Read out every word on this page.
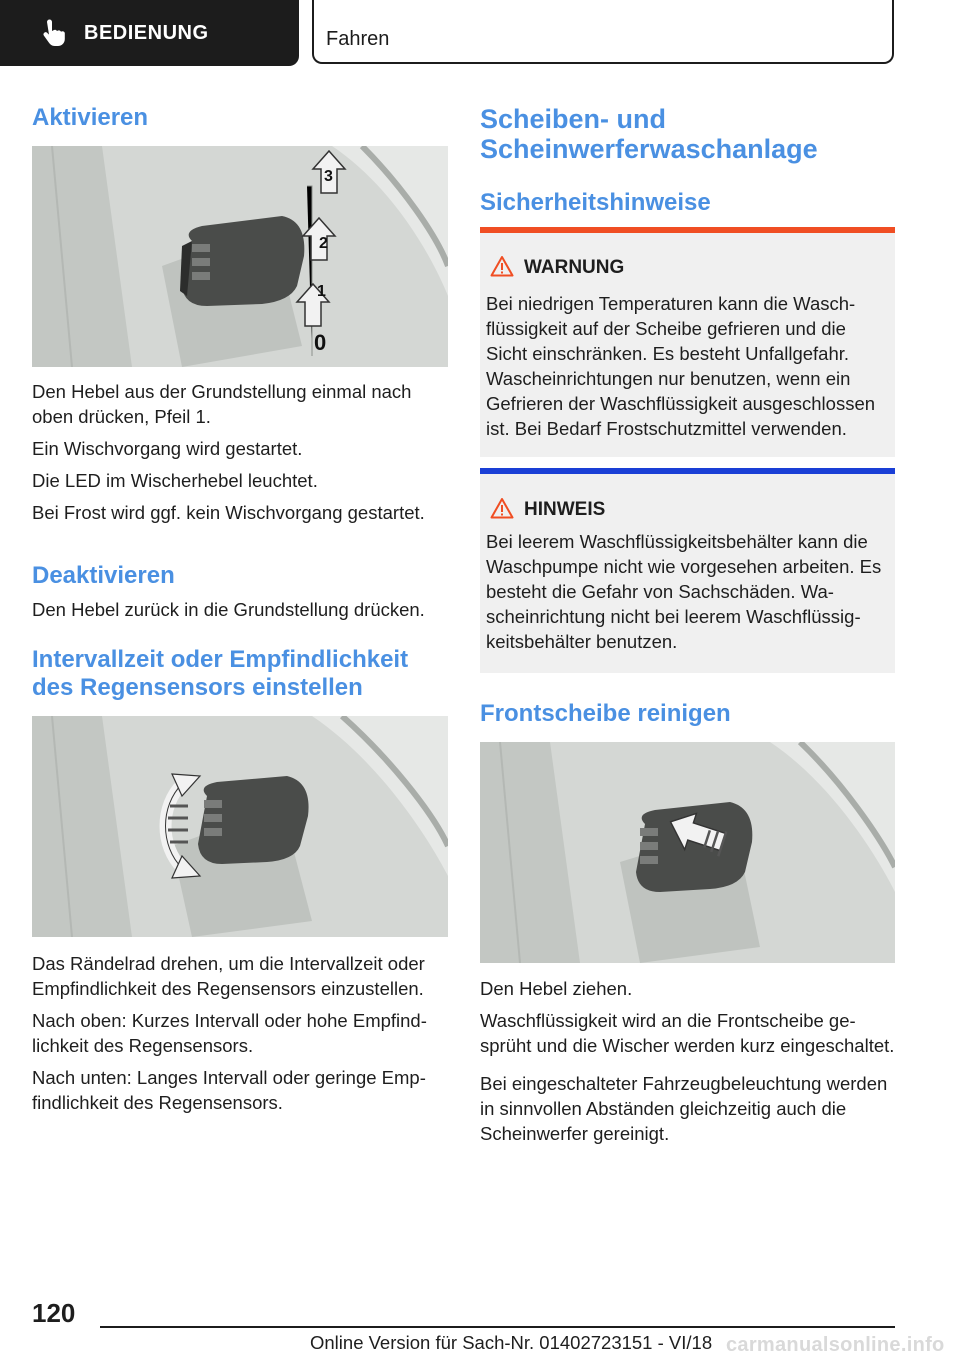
BEDIENUNG	Fahren
Aktivieren
3
2
1
0

Den Hebel aus der Grundstellung einmal nach oben drücken, Pfeil 1.

Ein Wischvorgang wird gestartet.

Die LED im Wischerhebel leuchtet.

Bei Frost wird ggf. kein Wischvorgang gestartet.

Deaktivieren

Den Hebel zurück in die Grundstellung drücken.

Intervallzeit oder Empfindlichkeit des Regensensors einstellen

Das Rändelrad drehen, um die Intervallzeit oder Empfindlichkeit des Regensensors einzustellen.

Nach oben: Kurzes Intervall oder hohe Empfindlichkeit des Regensensors.

Nach unten: Langes Intervall oder geringe Empfindlichkeit des Regensensors.

Scheiben- und Scheinwerferwaschanlage
Sicherheitshinweise
WARNUNG

Bei niedrigen Temperaturen kann die Waschflüssigkeit auf der Scheibe gefrieren und die Sicht einschränken. Es besteht Unfallgefahr. Wascheinrichtungen nur benutzen, wenn ein Gefrieren der Waschflüssigkeit ausgeschlossen ist. Bei Bedarf Frostschutzmittel verwenden.

HINWEIS

Bei leerem Waschflüssigkeitsbehälter kann die Waschpumpe nicht wie vorgesehen arbeiten. Es besteht die Gefahr von Sachschäden. Wascheinrichtung nicht bei leerem Waschflüssigkeitsbehälter benutzen.

Frontscheibe reinigen

Den Hebel ziehen.

Waschflüssigkeit wird an die Frontscheibe gesprüht und die Wischer werden kurz eingeschaltet.

Bei eingeschalteter Fahrzeugbeleuchtung werden in sinnvollen Abständen gleichzeitig auch die Scheinwerfer gereinigt.

120
Online Version für Sach-Nr. 01402723151 - VI/18 carmanualsonline.info
